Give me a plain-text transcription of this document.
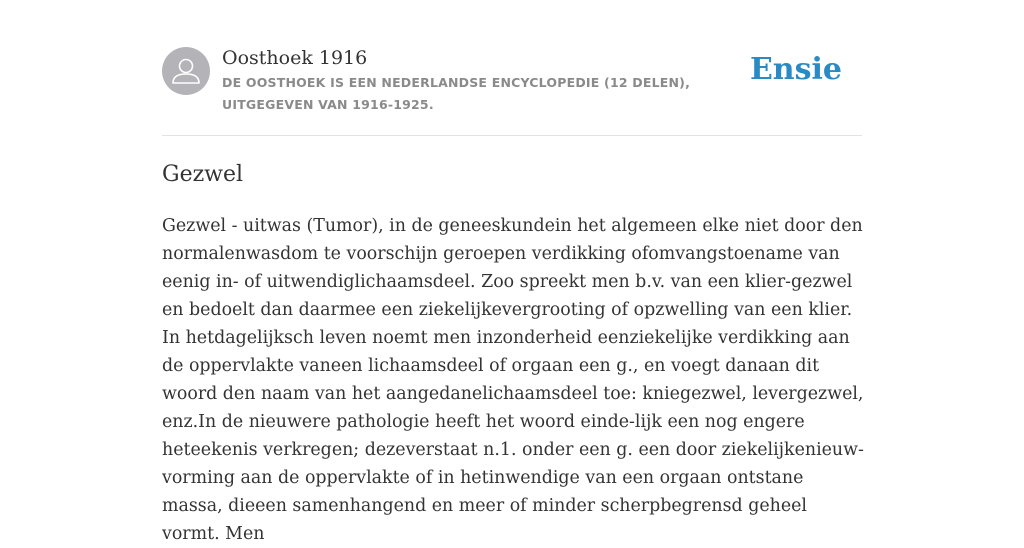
Oosthoek 1916
DE OOSTHOEK IS EEN NEDERLANDSE ENCYCLOPEDIE (12 DELEN), UITGEGEVEN VAN 1916-1925.
Ensie
Gezwel

Gezwel - uitwas (Tumor), in de geneeskundein het algemeen elke niet door den normalenwasdom te voorschijn geroepen verdikking ofomvangstoename van eenig in- of uitwendiglichaamsdeel. Zoo spreekt men b.v. van een klier-gezwel en bedoelt dan daarmee een ziekelijkevergrooting of opzwelling van een klier. In hetdagelijksch leven noemt men inzonderheid eenziekelijke verdikking aan de oppervlakte vaneen lichaamsdeel of orgaan een g., en voegt danaan dit woord den naam van het aangedanelichaamsdeel toe: kniegezwel, levergezwel, enz.In de nieuwere pathologie heeft het woord einde-lijk een nog engere heteekenis verkregen; dezeverstaat n.1. onder een g. een door ziekelijkenieuw-vorming aan de oppervlakte of in hetinwendige van een orgaan ontstane massa, dieeen samenhangend en meer of minder scherpbegrensd geheel vormt. Men
